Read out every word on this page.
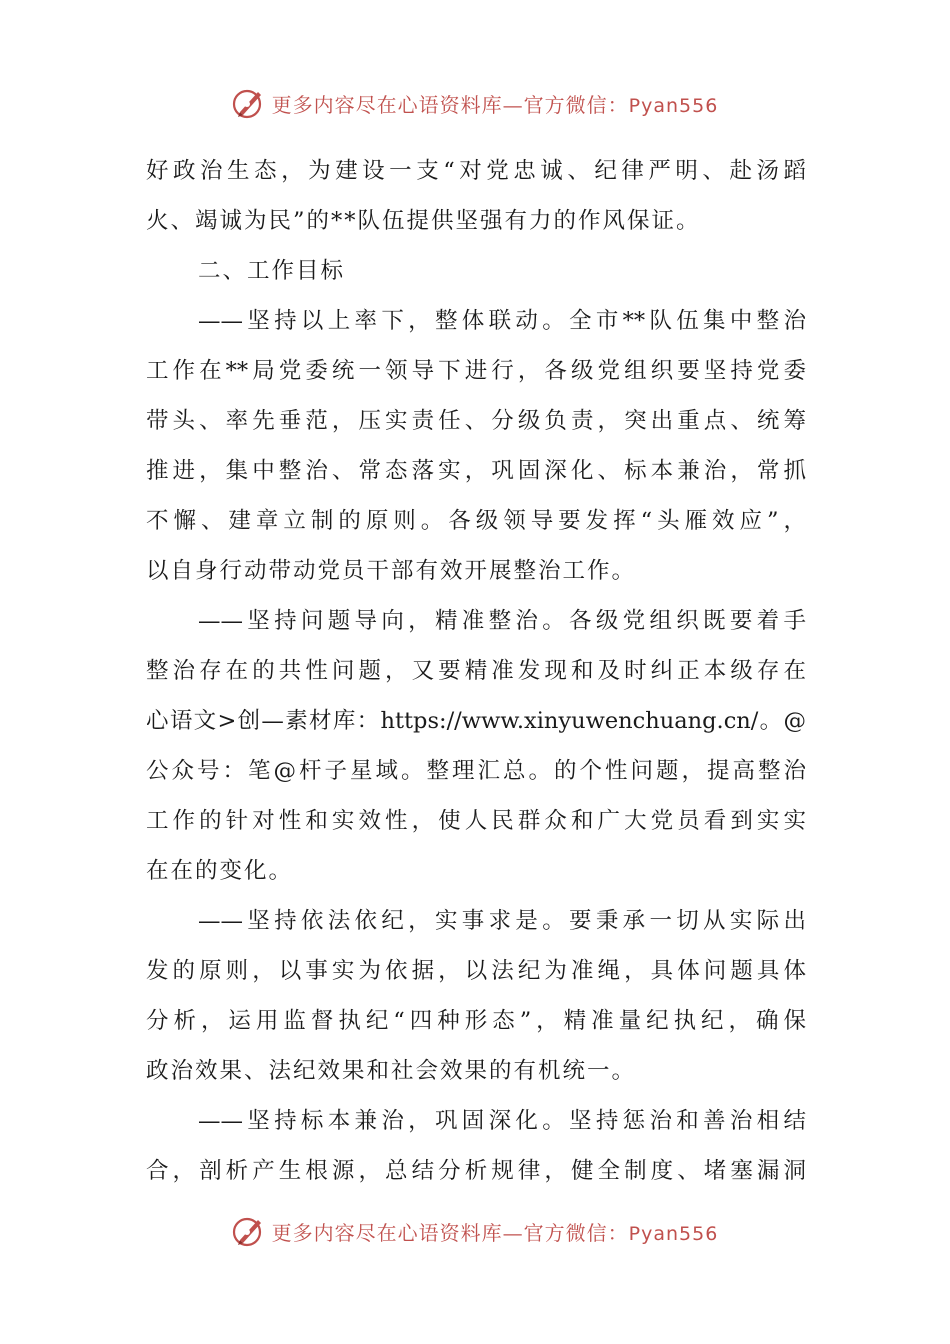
更多内容尽在心语资料库—官方微信：Pyan556
好政治生态，为建设一支“对党忠诚、纪律严明、赴汤蹈
火、竭诚为民”的**队伍提供坚强有力的作风保证。
二、工作目标
——坚持以上率下，整体联动。全市**队伍集中整治
工作在**局党委统一领导下进行，各级党组织要坚持党委
带头、率先垂范，压实责任、分级负责，突出重点、统筹
推进，集中整治、常态落实，巩固深化、标本兼治，常抓
不懈、建章立制的原则。各级领导要发挥“头雁效应”，
以自身行动带动党员干部有效开展整治工作。
——坚持问题导向，精准整治。各级党组织既要着手
整治存在的共性问题，又要精准发现和及时纠正本级存在
心语文>创—素材库：https://www.xinyuwenchuang.cn/。@
公众号：笔@杆子星域。整理汇总。的个性问题，提高整治
工作的针对性和实效性，使人民群众和广大党员看到实实
在在的变化。
——坚持依法依纪，实事求是。要秉承一切从实际出
发的原则，以事实为依据，以法纪为准绳，具体问题具体
分析，运用监督执纪“四种形态”，精准量纪执纪，确保
政治效果、法纪效果和社会效果的有机统一。
——坚持标本兼治，巩固深化。坚持惩治和善治相结
合，剖析产生根源，总结分析规律，健全制度、堵塞漏洞
更多内容尽在心语资料库—官方微信：Pyan556
